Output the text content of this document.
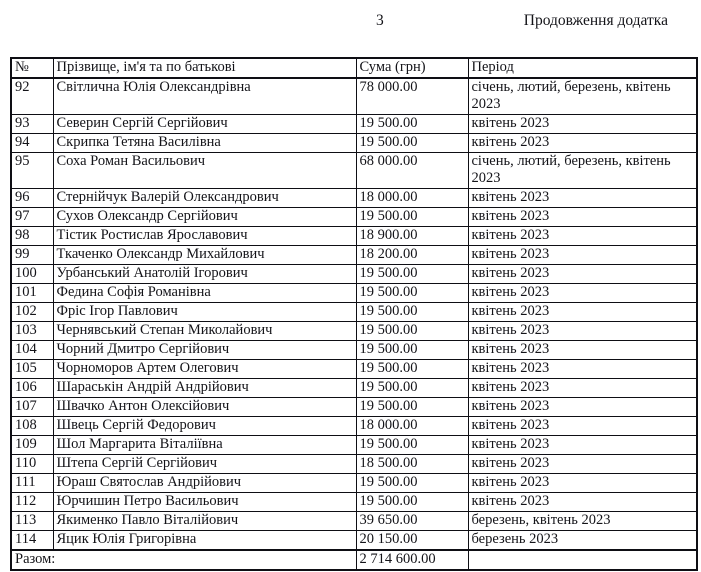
3	Продовження додатка
№	Прізвище, ім'я та по батькові	Сума (грн)	Період
92	Світлична Юлія Олександрівна	78 000.00	січень, лютий, березень, квітень 2023
93	Северин Сергій Сергійович	19 500.00	квітень 2023
94	Скрипка Тетяна Василівна	19 500.00	квітень 2023
95	Соха Роман Васильович	68 000.00	січень, лютий, березень, квітень 2023
96	Стернійчук Валерій Олександрович	18 000.00	квітень 2023
97	Сухов Олександр Сергійович	19 500.00	квітень 2023
98	Тістик Ростислав Ярославович	18 900.00	квітень 2023
99	Ткаченко Олександр Михайлович	18 200.00	квітень 2023
100	Урбанський Анатолій Ігорович	19 500.00	квітень 2023
101	Федина Софія Романівна	19 500.00	квітень 2023
102	Фріс Ігор Павлович	19 500.00	квітень 2023
103	Чернявський Степан Миколайович	19 500.00	квітень 2023
104	Чорний Дмитро Сергійович	19 500.00	квітень 2023
105	Чорноморов Артем Олегович	19 500.00	квітень 2023
106	Шараськін Андрій Андрійович	19 500.00	квітень 2023
107	Швачко Антон Олексійович	19 500.00	квітень 2023
108	Швець Сергій Федорович	18 000.00	квітень 2023
109	Шол Маргарита Віталіївна	19 500.00	квітень 2023
110	Штепа Сергій Сергійович	18 500.00	квітень 2023
111	Юраш Святослав Андрійович	19 500.00	квітень 2023
112	Юрчишин Петро Васильович	19 500.00	квітень 2023
113	Якименко Павло Віталійович	39 650.00	березень, квітень 2023
114	Яцик Юлія Григорівна	20 150.00	березень 2023
Разом:		2 714 600.00	
